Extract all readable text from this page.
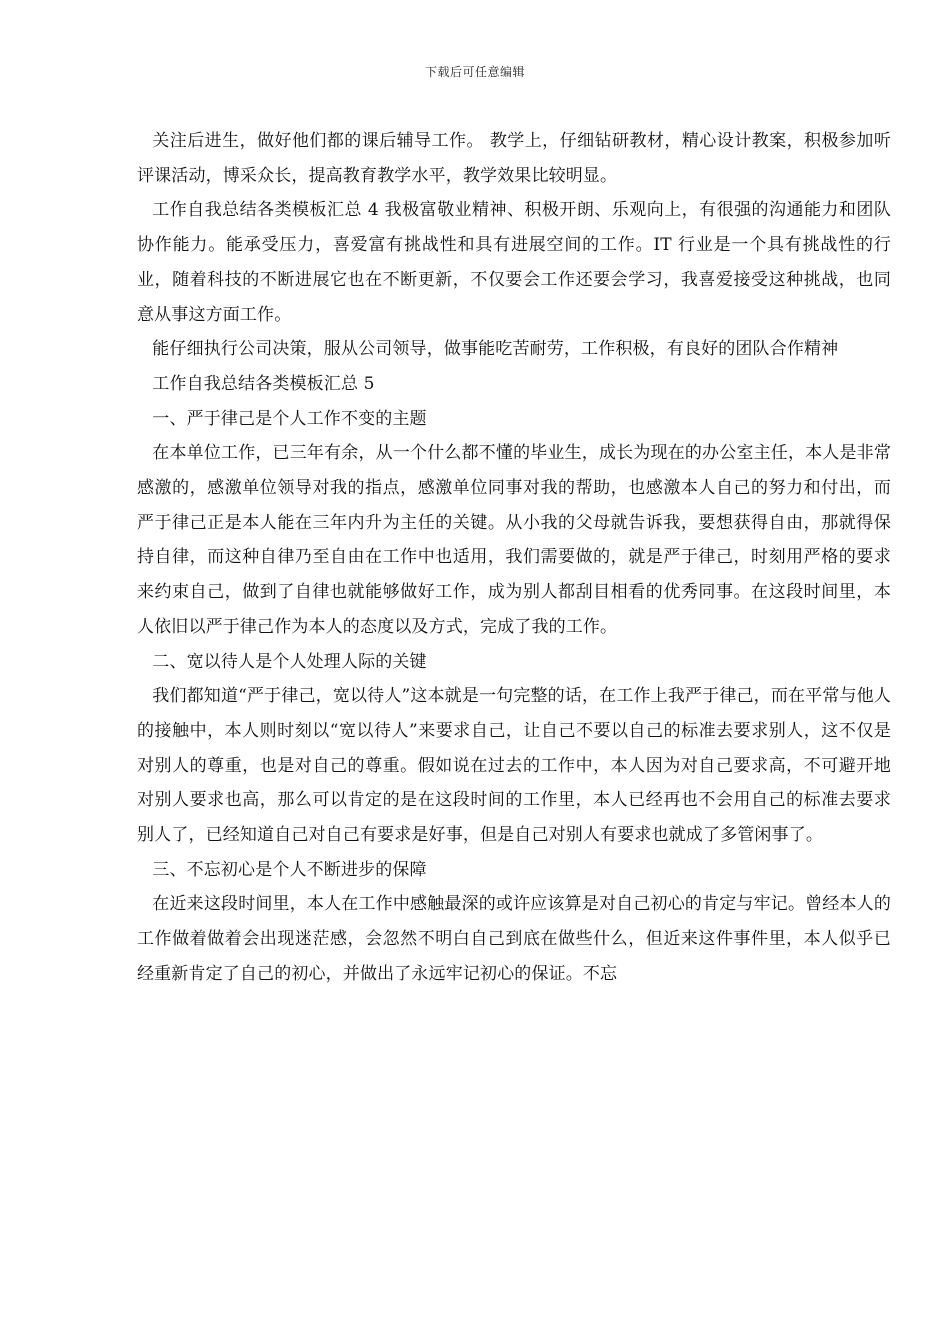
下载后可任意编辑

关注后进生，做好他们都的课后辅导工作。 教学上，仔细钻研教材，精心设计教案，积极参加听评课活动，博采众长，提高教育教学水平，教学效果比较明显。

工作自我总结各类模板汇总 4 我极富敬业精神、积极开朗、乐观向上，有很强的沟通能力和团队协作能力。能承受压力，喜爱富有挑战性和具有进展空间的工作。IT 行业是一个具有挑战性的行业，随着科技的不断进展它也在不断更新，不仅要会工作还要会学习，我喜爱接受这种挑战，也同意从事这方面工作。

能仔细执行公司决策，服从公司领导，做事能吃苦耐劳，工作积极，有良好的团队合作精神

工作自我总结各类模板汇总 5

一、严于律己是个人工作不变的主题

在本单位工作，已三年有余，从一个什么都不懂的毕业生，成长为现在的办公室主任，本人是非常感激的，感激单位领导对我的指点，感激单位同事对我的帮助，也感激本人自己的努力和付出，而严于律己正是本人能在三年内升为主任的关键。从小我的父母就告诉我，要想获得自由，那就得保持自律，而这种自律乃至自由在工作中也适用，我们需要做的，就是严于律己，时刻用严格的要求来约束自己，做到了自律也就能够做好工作，成为别人都刮目相看的优秀同事。在这段时间里，本人依旧以严于律己作为本人的态度以及方式，完成了我的工作。

二、宽以待人是个人处理人际的关键

我们都知道“严于律己，宽以待人”这本就是一句完整的话，在工作上我严于律己，而在平常与他人的接触中，本人则时刻以“宽以待人”来要求自己，让自己不要以自己的标准去要求别人，这不仅是对别人的尊重，也是对自己的尊重。假如说在过去的工作中，本人因为对自己要求高，不可避开地对别人要求也高，那么可以肯定的是在这段时间的工作里，本人已经再也不会用自己的标准去要求别人了，已经知道自己对自己有要求是好事，但是自己对别人有要求也就成了多管闲事了。

三、不忘初心是个人不断进步的保障

在近来这段时间里，本人在工作中感触最深的或许应该算是对自己初心的肯定与牢记。曾经本人的工作做着做着会出现迷茫感，会忽然不明白自己到底在做些什么，但近来这件事件里，本人似乎已经重新肯定了自己的初心，并做出了永远牢记初心的保证。不忘
